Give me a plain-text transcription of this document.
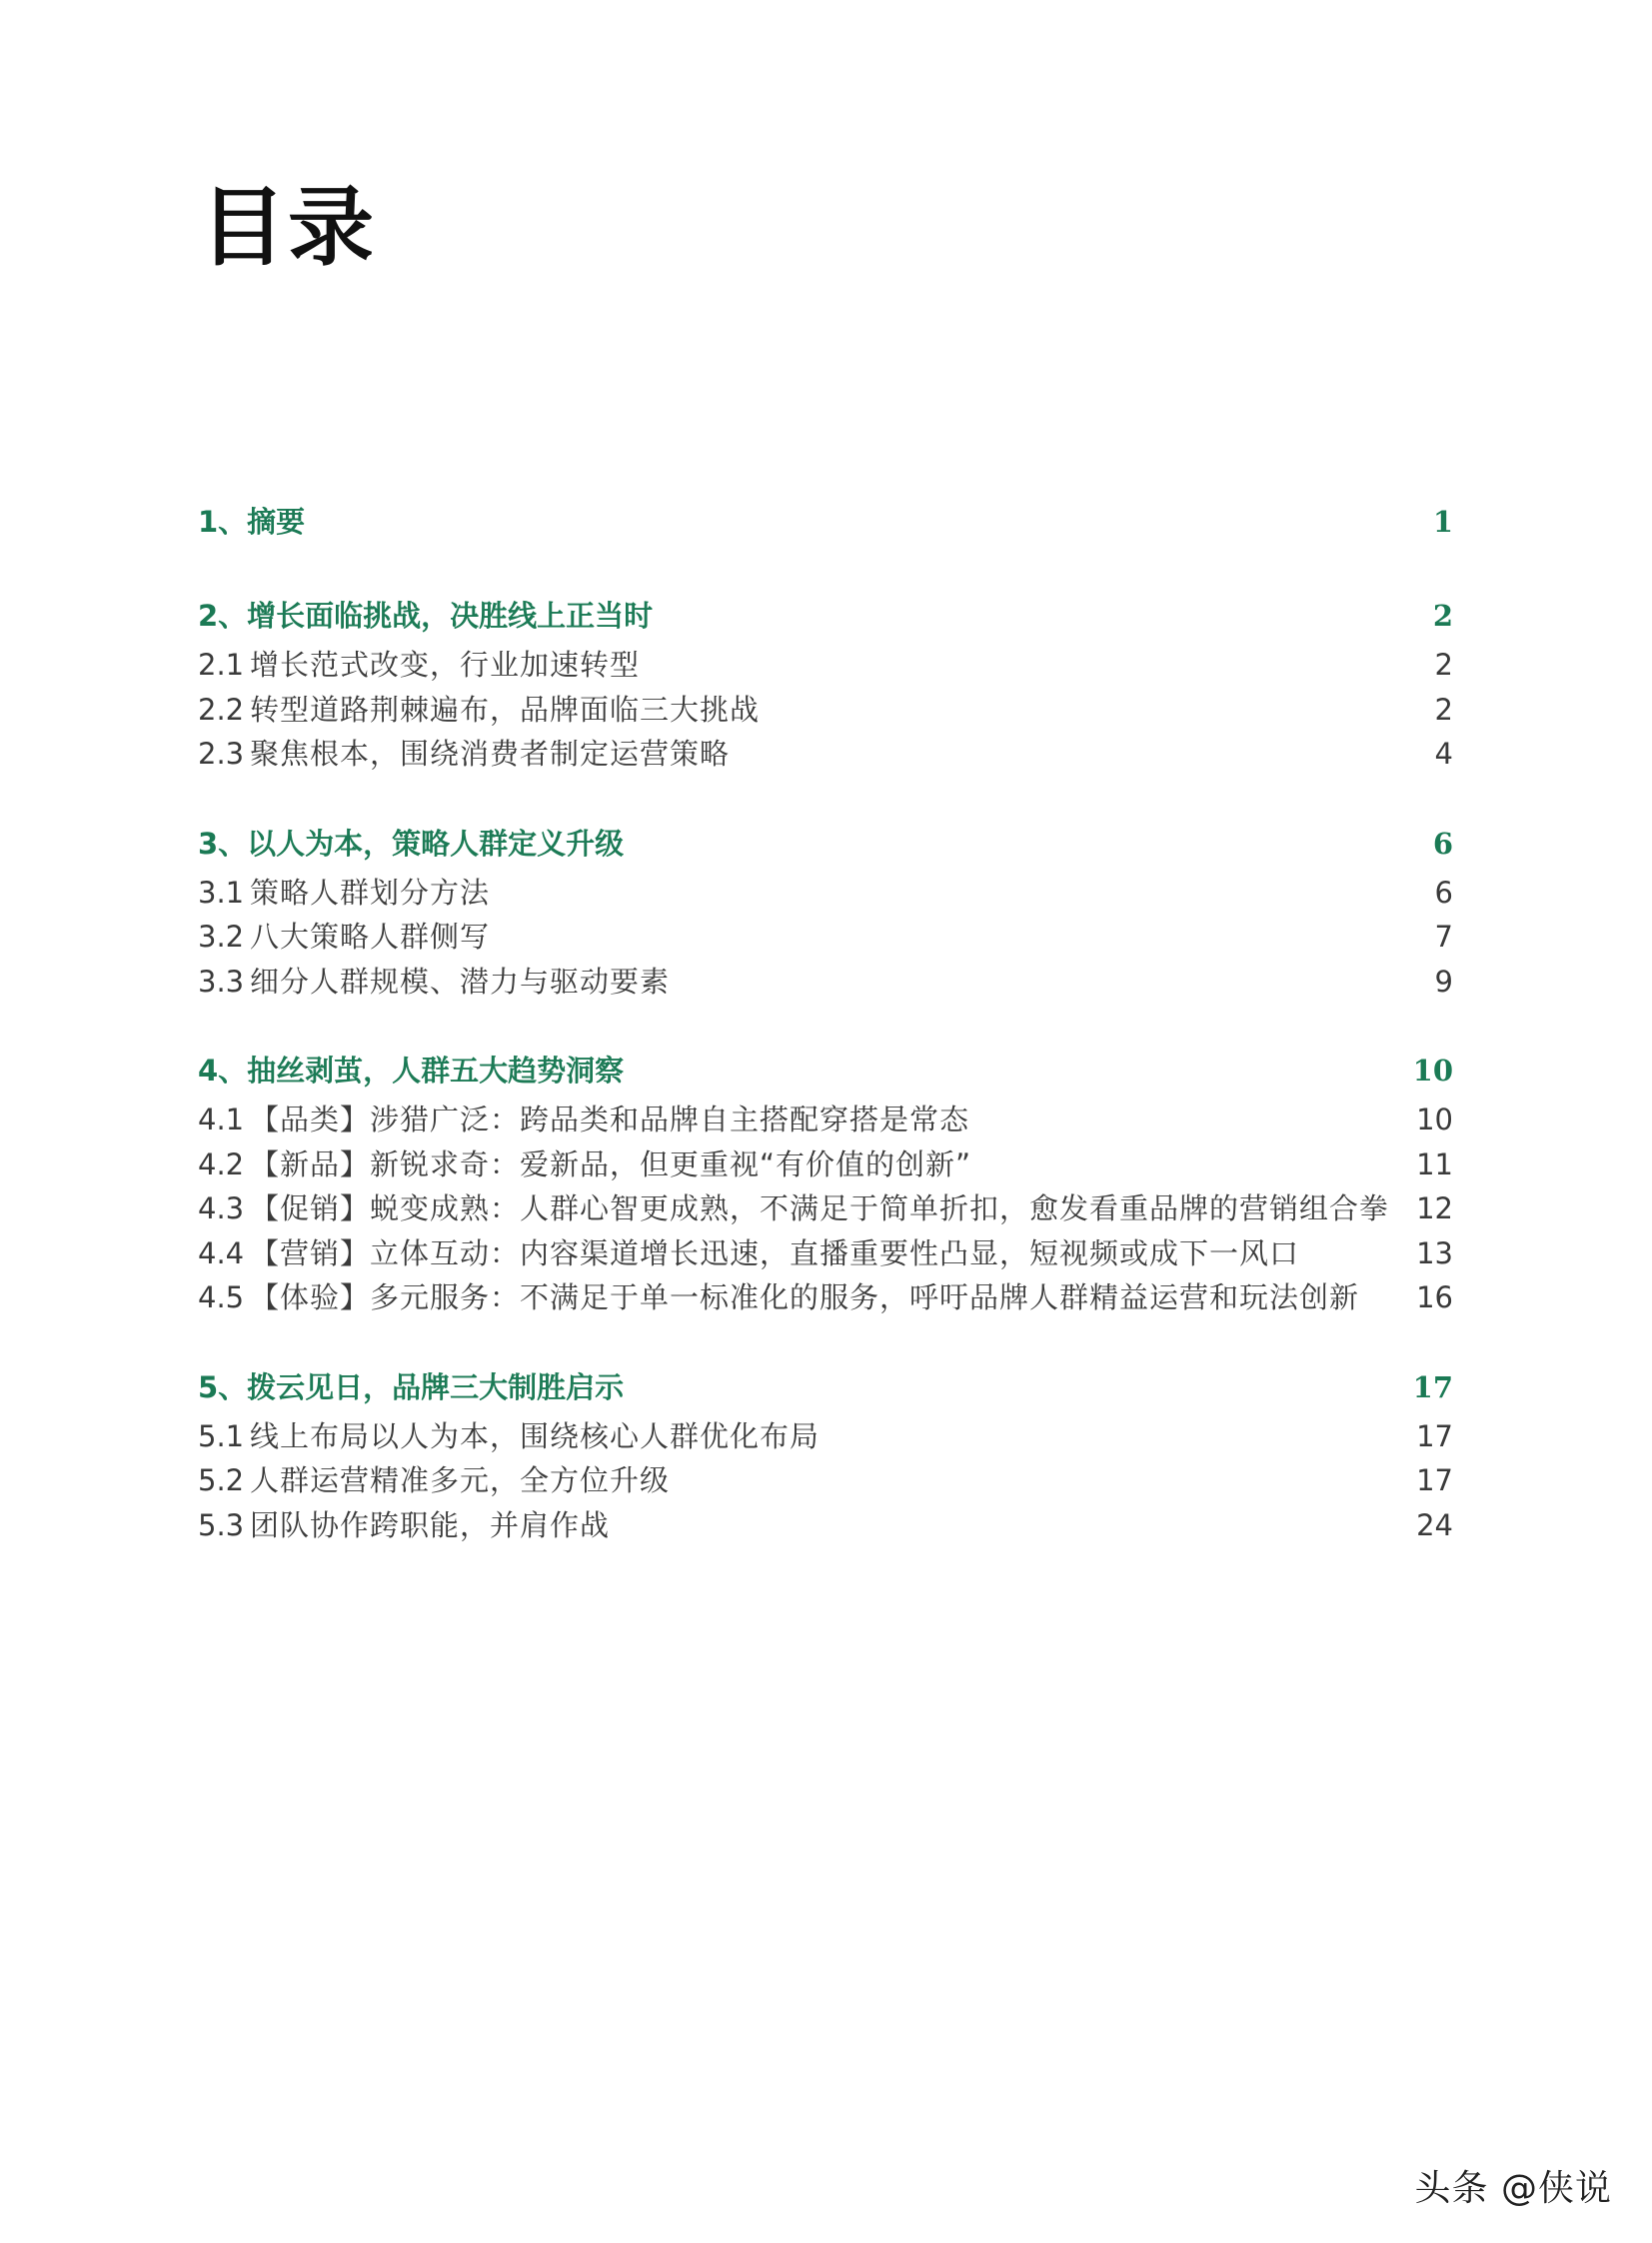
目录
1、摘要	1
2、增长面临挑战，决胜线上正当时	2
2.1 增长范式改变，行业加速转型	2
2.2 转型道路荆棘遍布，品牌面临三大挑战	2
2.3 聚焦根本，围绕消费者制定运营策略	4
3、以人为本，策略人群定义升级	6
3.1 策略人群划分方法	6
3.2 八大策略人群侧写	7
3.3 细分人群规模、潜力与驱动要素	9
4、抽丝剥茧，人群五大趋势洞察	10
4.1 【品类】涉猎广泛：跨品类和品牌自主搭配穿搭是常态	10
4.2 【新品】新锐求奇：爱新品，但更重视“有价值的创新”	11
4.3 【促销】蜕变成熟：人群心智更成熟，不满足于简单折扣，愈发看重品牌的营销组合拳 12
4.4 【营销】立体互动：内容渠道增长迅速，直播重要性凸显，短视频或成下一风口	13
4.5 【体验】多元服务：不满足于单一标准化的服务，呼吁品牌人群精益运营和玩法创新	16
5、拨云见日，品牌三大制胜启示	17
5.1 线上布局以人为本，围绕核心人群优化布局	17
5.2 人群运营精准多元，全方位升级	17
5.3 团队协作跨职能，并肩作战	24
头条 @侠说
